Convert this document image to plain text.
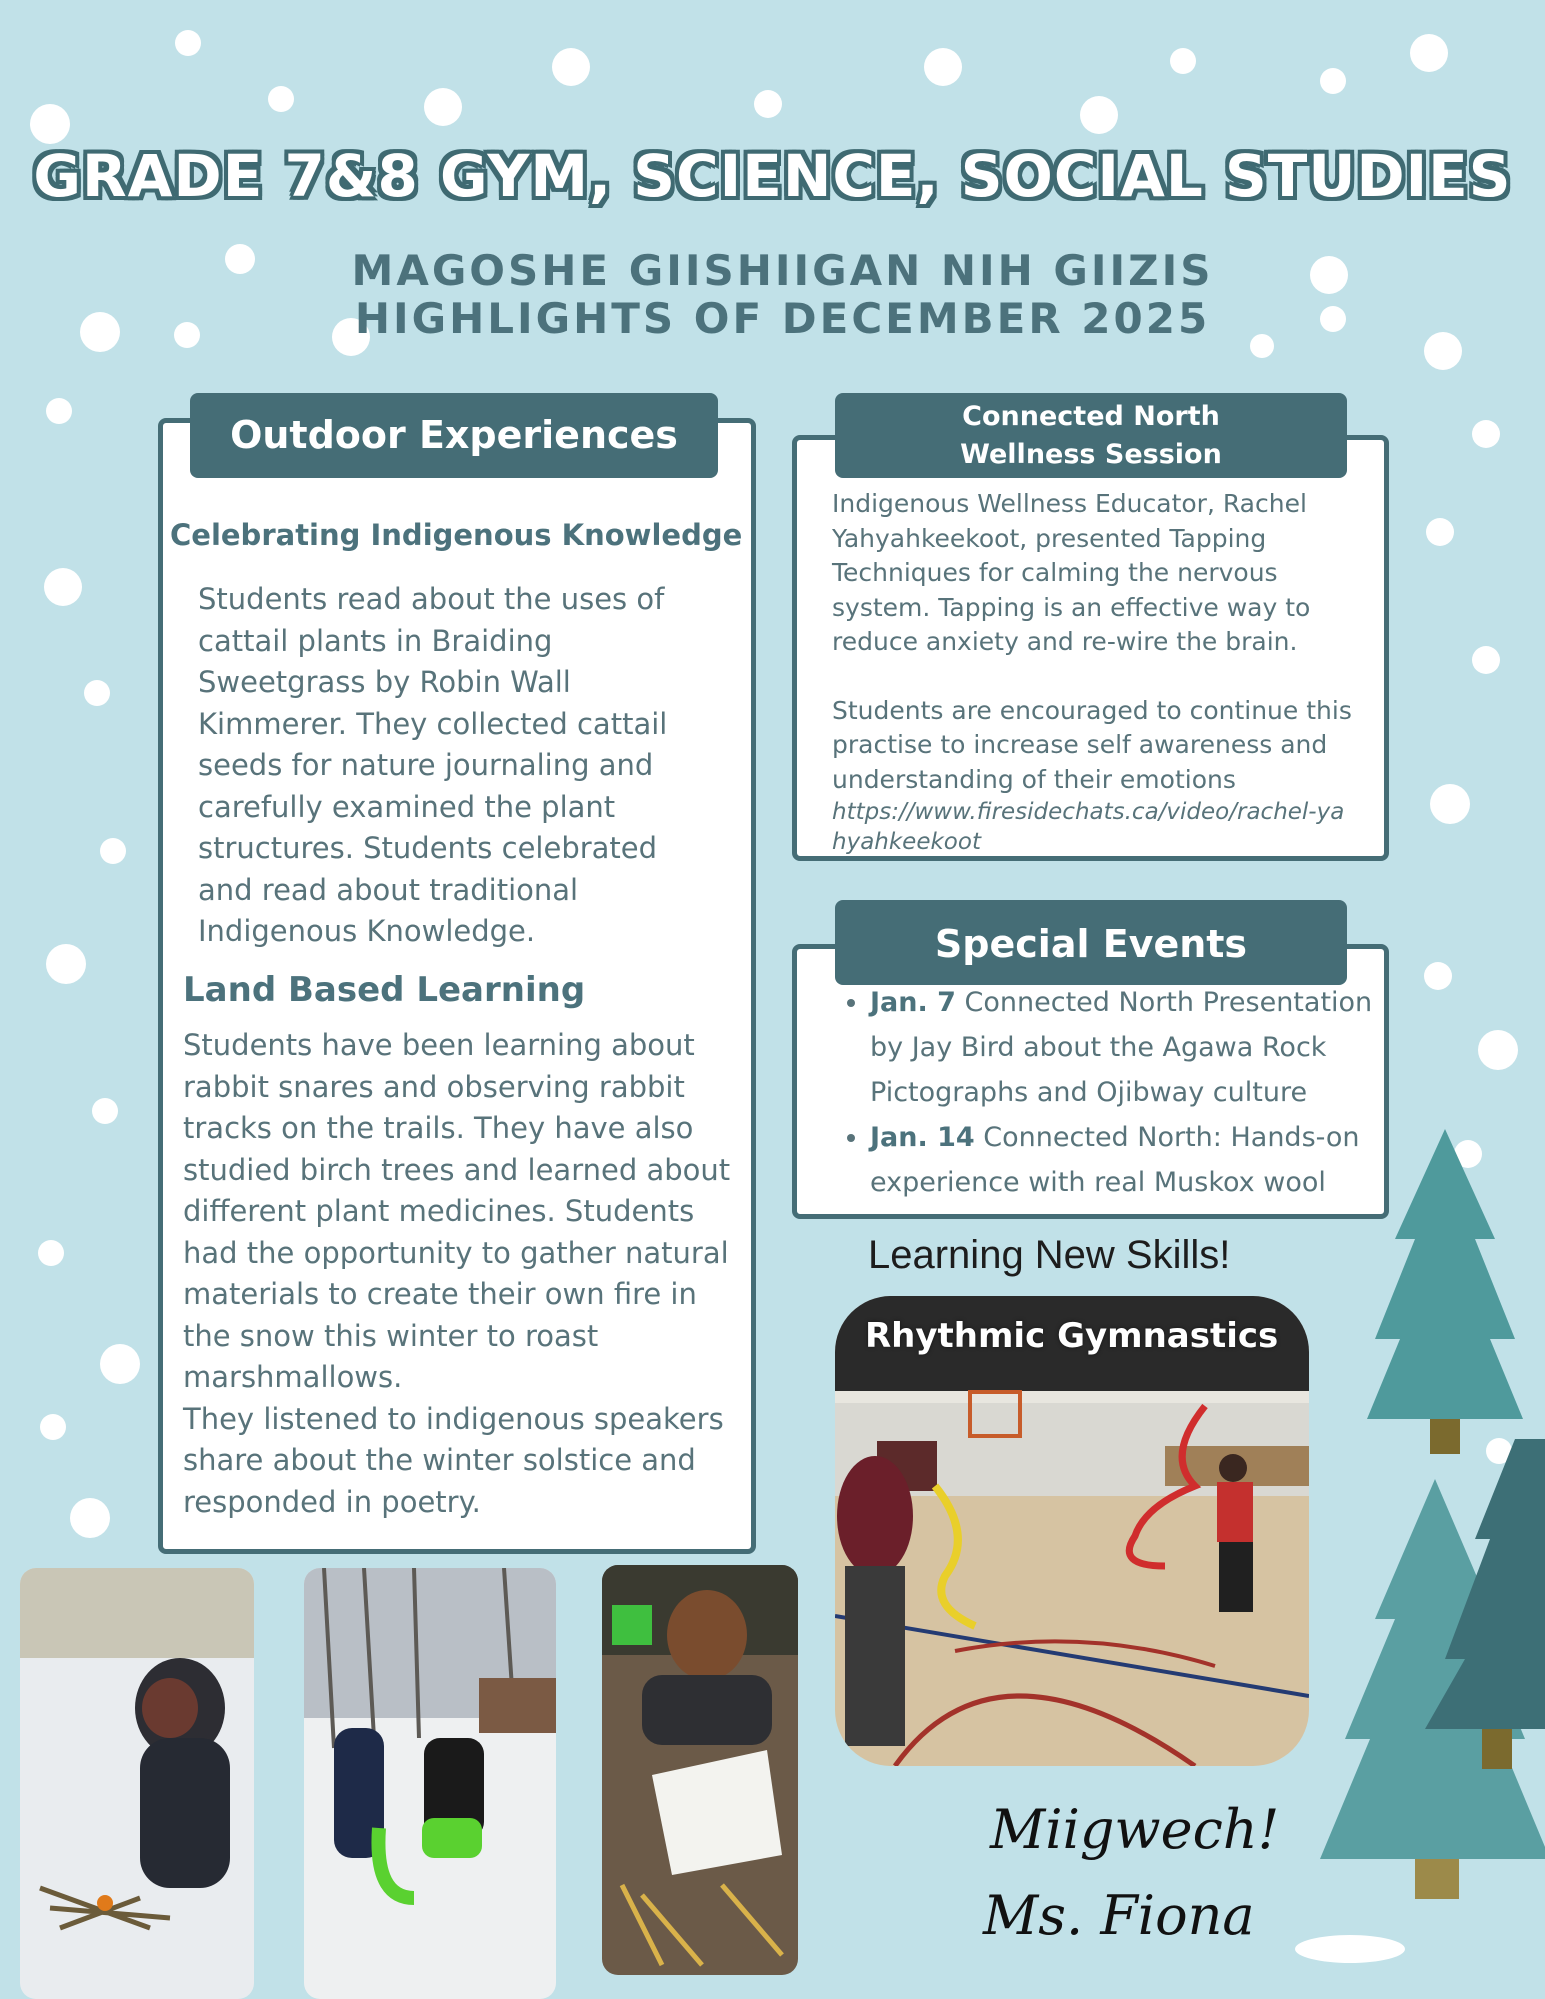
GRADE 7&8 GYM, SCIENCE, SOCIAL STUDIES
MAGOSHE GIISHIIGAN NIH GIIZIS
HIGHLIGHTS OF DECEMBER 2025
Outdoor Experiences
Celebrating Indigenous Knowledge
Students read about the uses of cattail plants in Braiding Sweetgrass by Robin Wall Kimmerer. They collected cattail seeds for nature journaling and carefully examined the plant structures. Students celebrated and read about traditional Indigenous Knowledge.
Land Based Learning
Students have been learning about rabbit snares and observing rabbit tracks on the trails. They have also studied birch trees and learned about different plant medicines. Students had the opportunity to gather natural materials to create their own fire in the snow this winter to roast marshmallows.
They listened to indigenous speakers share about the winter solstice and responded in poetry.
Connected North
Wellness Session
Indigenous Wellness Educator, Rachel Yahyahkeekoot, presented Tapping Techniques for calming the nervous system. Tapping is an effective way to reduce anxiety and re-wire the brain.
Students are encouraged to continue this practise to increase self awareness and understanding of their emotions
https://www.firesidechats.ca/video/rachel-yahyahkeekoot
Special Events
• Jan. 7 Connected North Presentation by Jay Bird about the Agawa Rock Pictographs and Ojibway culture
• Jan. 14 Connected North: Hands-on experience with real Muskox wool
Learning New Skills!
Rhythmic Gymnastics
Miigwech!
Ms. Fiona
